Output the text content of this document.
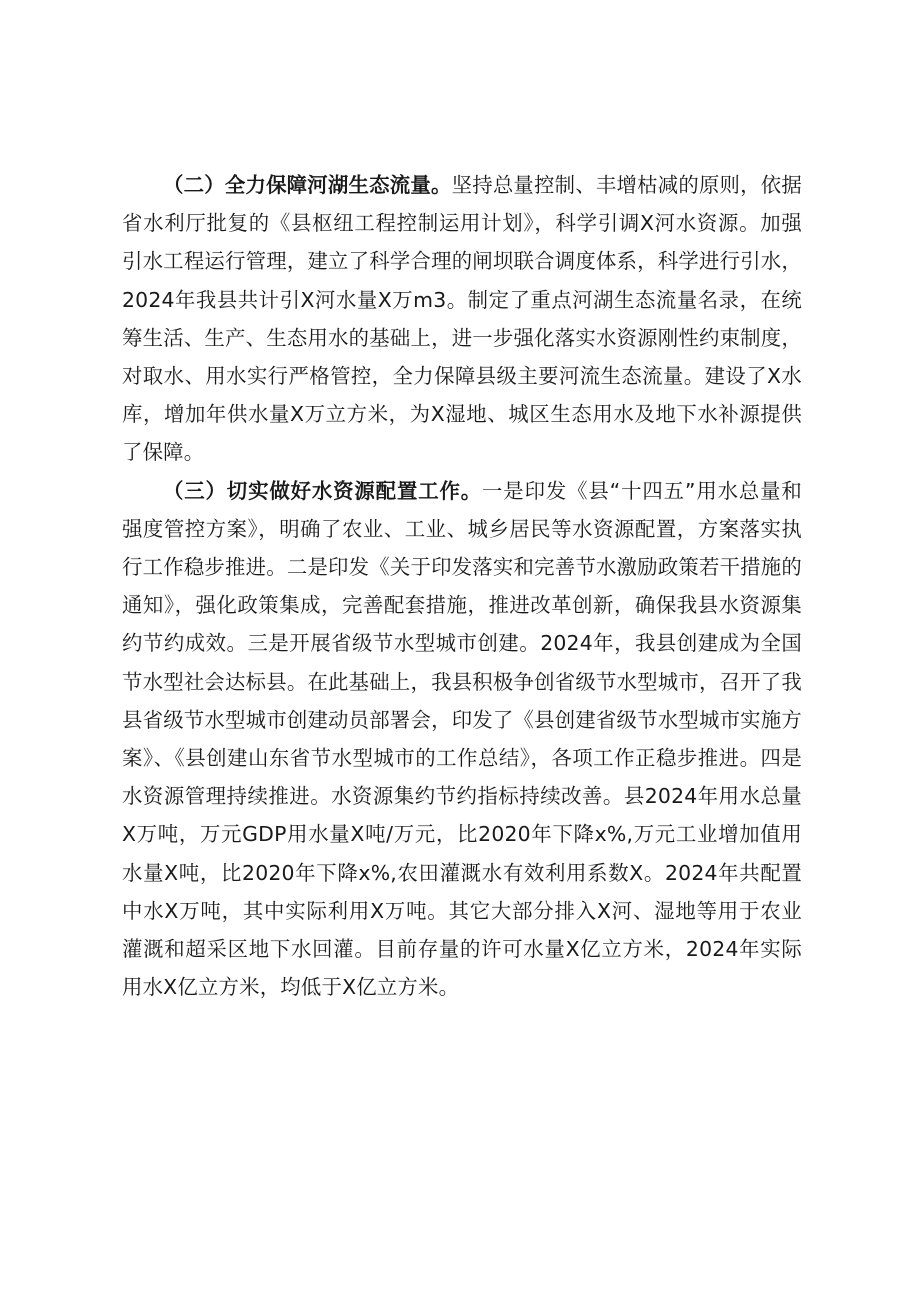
（二）全力保障河湖生态流量。坚持总量控制、丰增枯减的原则，依据省水利厅批复的《县枢纽工程控制运用计划》，科学引调X河水资源。加强引水工程运行管理，建立了科学合理的闸坝联合调度体系，科学进行引水，2024年我县共计引X河水量X万m3。制定了重点河湖生态流量名录，在统筹生活、生产、生态用水的基础上，进一步强化落实水资源刚性约束制度，对取水、用水实行严格管控，全力保障县级主要河流生态流量。建设了X水库，增加年供水量X万立方米，为X湿地、城区生态用水及地下水补源提供了保障。

（三）切实做好水资源配置工作。一是印发《县“十四五”用水总量和强度管控方案》，明确了农业、工业、城乡居民等水资源配置，方案落实执行工作稳步推进。二是印发《关于印发落实和完善节水激励政策若干措施的通知》，强化政策集成，完善配套措施，推进改革创新，确保我县水资源集约节约成效。三是开展省级节水型城市创建。2024年，我县创建成为全国节水型社会达标县。在此基础上，我县积极争创省级节水型城市，召开了我县省级节水型城市创建动员部署会，印发了《县创建省级节水型城市实施方案》、《县创建山东省节水型城市的工作总结》，各项工作正稳步推进。四是水资源管理持续推进。水资源集约节约指标持续改善。县2024年用水总量X万吨，万元GDP用水量X吨/万元，比2020年下降x%,万元工业增加值用水量X吨，比2020年下降x%,农田灌溉水有效利用系数X。2024年共配置中水X万吨，其中实际利用X万吨。其它大部分排入X河、湿地等用于农业灌溉和超采区地下水回灌。目前存量的许可水量X亿立方米，2024年实际用水X亿立方米，均低于X亿立方米。
